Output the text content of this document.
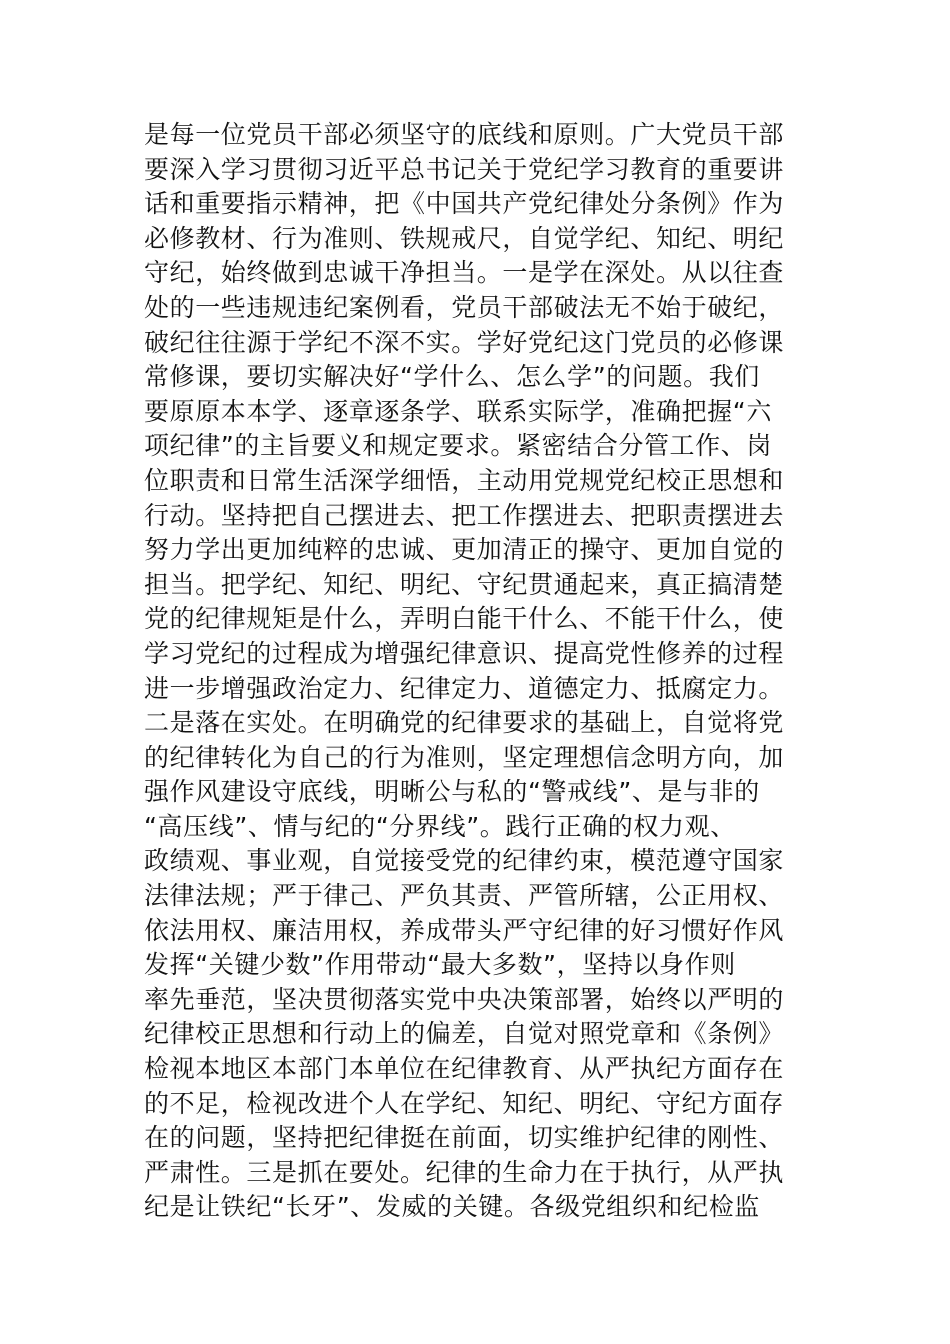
是每一位党员干部必须坚守的底线和原则。广大党员干部
要深入学习贯彻习近平总书记关于党纪学习教育的重要讲
话和重要指示精神，把《中国共产党纪律处分条例》作为
必修教材、行为准则、铁规戒尺，自觉学纪、知纪、明纪
守纪，始终做到忠诚干净担当。一是学在深处。从以往查
处的一些违规违纪案例看，党员干部破法无不始于破纪，
破纪往往源于学纪不深不实。学好党纪这门党员的必修课
常修课，要切实解决好“学什么、怎么学”的问题。我们
要原原本本学、逐章逐条学、联系实际学，准确把握“六
项纪律”的主旨要义和规定要求。紧密结合分管工作、岗
位职责和日常生活深学细悟，主动用党规党纪校正思想和
行动。坚持把自己摆进去、把工作摆进去、把职责摆进去
努力学出更加纯粹的忠诚、更加清正的操守、更加自觉的
担当。把学纪、知纪、明纪、守纪贯通起来，真正搞清楚
党的纪律规矩是什么，弄明白能干什么、不能干什么，使
学习党纪的过程成为增强纪律意识、提高党性修养的过程
进一步增强政治定力、纪律定力、道德定力、抵腐定力。
二是落在实处。在明确党的纪律要求的基础上，自觉将党
的纪律转化为自己的行为准则，坚定理想信念明方向，加
强作风建设守底线，明晰公与私的“警戒线”、是与非的
“高压线”、情与纪的“分界线”。践行正确的权力观、
政绩观、事业观，自觉接受党的纪律约束，模范遵守国家
法律法规；严于律己、严负其责、严管所辖，公正用权、
依法用权、廉洁用权，养成带头严守纪律的好习惯好作风
发挥“关键少数”作用带动“最大多数”，坚持以身作则
率先垂范，坚决贯彻落实党中央决策部署，始终以严明的
纪律校正思想和行动上的偏差，自觉对照党章和《条例》
检视本地区本部门本单位在纪律教育、从严执纪方面存在
的不足，检视改进个人在学纪、知纪、明纪、守纪方面存
在的问题，坚持把纪律挺在前面，切实维护纪律的刚性、
严肃性。三是抓在要处。纪律的生命力在于执行，从严执
纪是让铁纪“长牙”、发威的关键。各级党组织和纪检监
